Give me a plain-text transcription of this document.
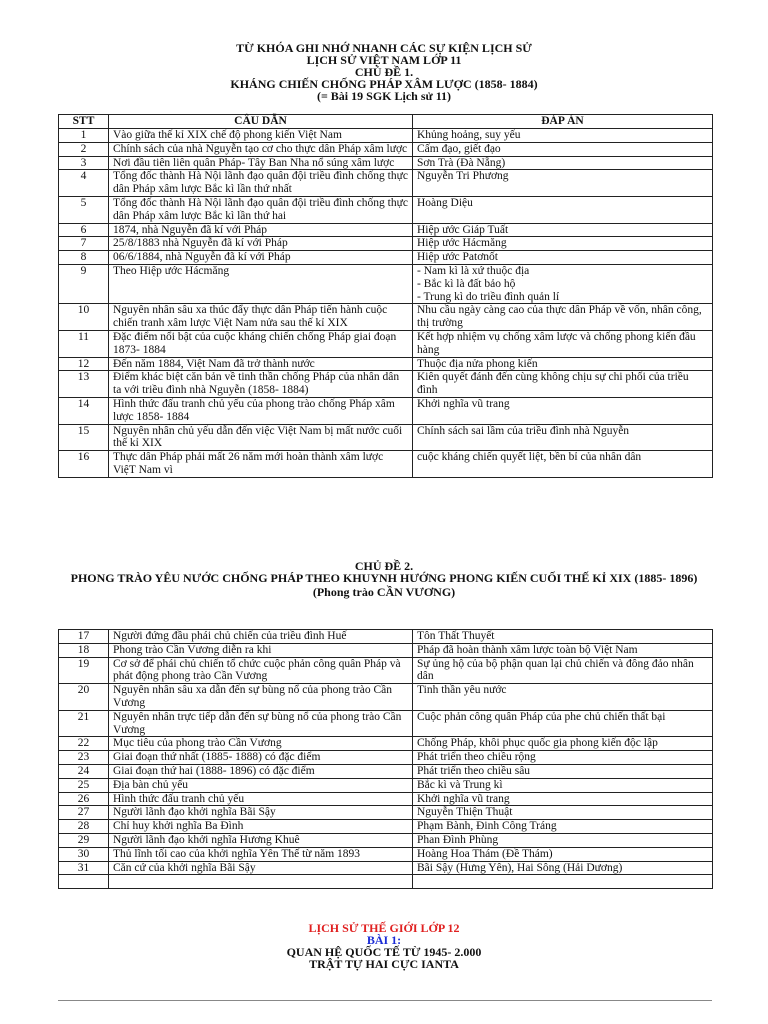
TỪ KHÓA GHI NHỚ NHANH CÁC SỰ KIỆN LỊCH SỬ

LỊCH SỬ VIỆT NAM LỚP 11

CHỦ ĐỀ 1.

KHÁNG CHIẾN CHỐNG PHÁP XÂM LƯỢC (1858- 1884)

(= Bài 19 SGK Lịch sử 11)

STT	CÂU DẪN	ĐÁP ÁN
1	Vào giữa thế kỉ XIX chế độ phong kiến Việt Nam	Khủng hoảng, suy yếu
2	Chính sách của nhà Nguyễn tạo cơ cho thực dân Pháp xâm lược	Cấm đạo, giết đạo
3	Nơi đầu tiên liên quân Pháp- Tây Ban Nha nổ súng xâm lược	Sơn Trà (Đà Nẵng)
4	Tổng đốc thành Hà Nội lãnh đạo quân đội triều đình chống thực dân Pháp xâm lược Bắc kì lần thứ nhất	Nguyễn Tri Phương
5	Tổng đốc thành Hà Nội lãnh đạo quân đội triều đình chống thực dân Pháp xâm lược Bắc kì lần thứ hai	Hoàng Diệu
6	1874, nhà Nguyễn đã kí với Pháp	Hiệp ước Giáp Tuất
7	25/8/1883 nhà Nguyễn đã kí với Pháp	Hiệp ước Hácmăng
8	06/6/1884, nhà Nguyễn đã kí với Pháp	Hiệp ước Patơnốt
9	Theo Hiệp ước Hácmăng	- Nam kì là xứ thuộc địa
- Bắc kì là đất bảo hộ
- Trung kì do triều đình quản lí

10	Nguyên nhân sâu xa thúc đẩy thực dân Pháp tiến hành cuộc chiến tranh xâm lược Việt Nam nửa sau thế kỉ XIX	Nhu cầu ngày càng cao của thực dân Pháp về vốn, nhân công, thị trường
11	Đặc điểm nổi bật của cuộc kháng chiến chống Pháp giai đoạn 1873- 1884	Kết hợp nhiệm vụ chống xâm lược và chống phong kiến đầu hàng
12	Đến năm 1884, Việt Nam đã trở thành nước	Thuộc địa nửa phong kiến
13	Điểm khác biệt căn bản về tinh thần chống Pháp của nhân dân ta với triều đình nhà Nguyễn (1858- 1884)	Kiên quyết đánh đến cùng không chịu sự chi phối của triều đình
14	Hình thức đấu tranh chủ yếu của phong trào chống Pháp xâm lược 1858- 1884	Khởi nghĩa vũ trang
15	Nguyên nhân chủ yếu dẫn đến việc Việt Nam bị mất nước cuối thế kỉ XIX	Chính sách sai lầm của triều đình nhà Nguyễn
16	Thực dân Pháp phải mất 26 năm mới hoàn thành xâm lược ViệT Nam vì	cuộc kháng chiến quyết liệt, bền bỉ của nhân dân

CHỦ ĐỀ 2.

PHONG TRÀO YÊU NƯỚC CHỐNG PHÁP THEO KHUYNH HƯỚNG PHONG KIẾN CUỐI THẾ KỈ XIX (1885- 1896)

(Phong trào CẦN VƯƠNG)

17	Người đứng đầu phái chủ chiến của triều đình Huế	Tôn Thất Thuyết
18	Phong trào Cần Vương diễn ra khi	Pháp đã hoàn thành xâm lược toàn bộ Việt Nam
19	Cơ sở để phái chủ chiến tổ chức cuộc phản công quân Pháp và phát động phong trào Cần Vương	Sự ủng hộ của bộ phận quan lại chủ chiến và đông đảo nhân dân
20	Nguyên nhân sâu xa dẫn đến sự bùng nổ của phong trào Cần Vương	Tinh thần yêu nước
21	Nguyên nhân trực tiếp dẫn đến sự bùng nổ của phong trào Cần Vương	Cuộc phản công quân Pháp của phe chủ chiến thất bại
22	Mục tiêu của phong trào Cần Vương	Chống Pháp, khôi phục quốc gia phong kiến độc lập
23	Giai đoạn thứ nhất (1885- 1888) có đặc điểm	Phát triển theo chiều rộng
24	Giai đoạn thứ hai (1888- 1896) có đặc điểm	Phát triển theo chiều sâu
25	Địa bàn chủ yếu	Bắc kì và Trung kì
26	Hình thức đấu tranh chủ yếu	Khởi nghĩa vũ trang
27	Người lãnh đạo khởi nghĩa Bãi Sậy	Nguyễn Thiện Thuật
28	Chỉ huy khởi nghĩa Ba Đình	Phạm Bành, Đinh Công Tráng
29	Người lãnh đạo khởi nghĩa Hương Khuê	Phan Đình Phùng
30	Thủ lĩnh tối cao của khởi nghĩa Yên Thế từ năm 1893	Hoàng Hoa Thám (Đề Thám)
31	Căn cứ của khởi nghĩa Bãi Sậy	Bãi Sậy (Hưng Yên), Hai Sông (Hải Dương)

LỊCH SỬ THẾ GIỚI LỚP 12

BÀI 1:

QUAN HỆ QUỐC TẾ TỪ 1945- 2.000

TRẬT TỰ HAI CỰC IANTA
